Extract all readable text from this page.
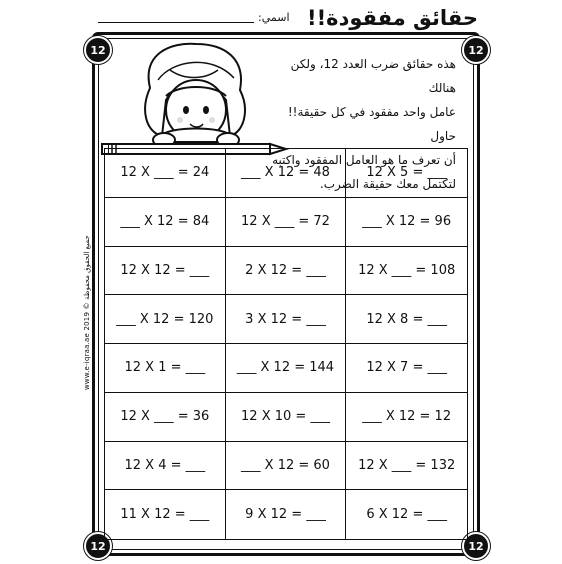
حقائق مفقودة!!
اسمي:
12	12
12	12
هذه حقائق ضرب العدد 12، ولكن هنالك
عامل واحد مفقود في كل حقيقة!! حاول
أن تعرف ما هو العامل المفقود واكتبه
لتكتمل معك حقيقة الضرب.
www.e-iqraa.ae 2019 © جميع الحقوق محفوظة
12 X ___ = 24	___ X 12 = 48	12 X 5 = ___
___ X 12 = 84	12 X ___ = 72	___ X 12 = 96
12 X 12 = ___	2 X 12 = ___	12 X ___ = 108
___ X 12 = 120	3 X 12 = ___	12 X 8 = ___
12 X 1 = ___	___ X 12 = 144	12 X 7 = ___
12 X ___ = 36	12 X 10 = ___	___ X 12 = 12
12 X 4 = ___	___ X 12 = 60	12 X ___ = 132
11 X 12 = ___	9 X 12 = ___	6 X 12 = ___
